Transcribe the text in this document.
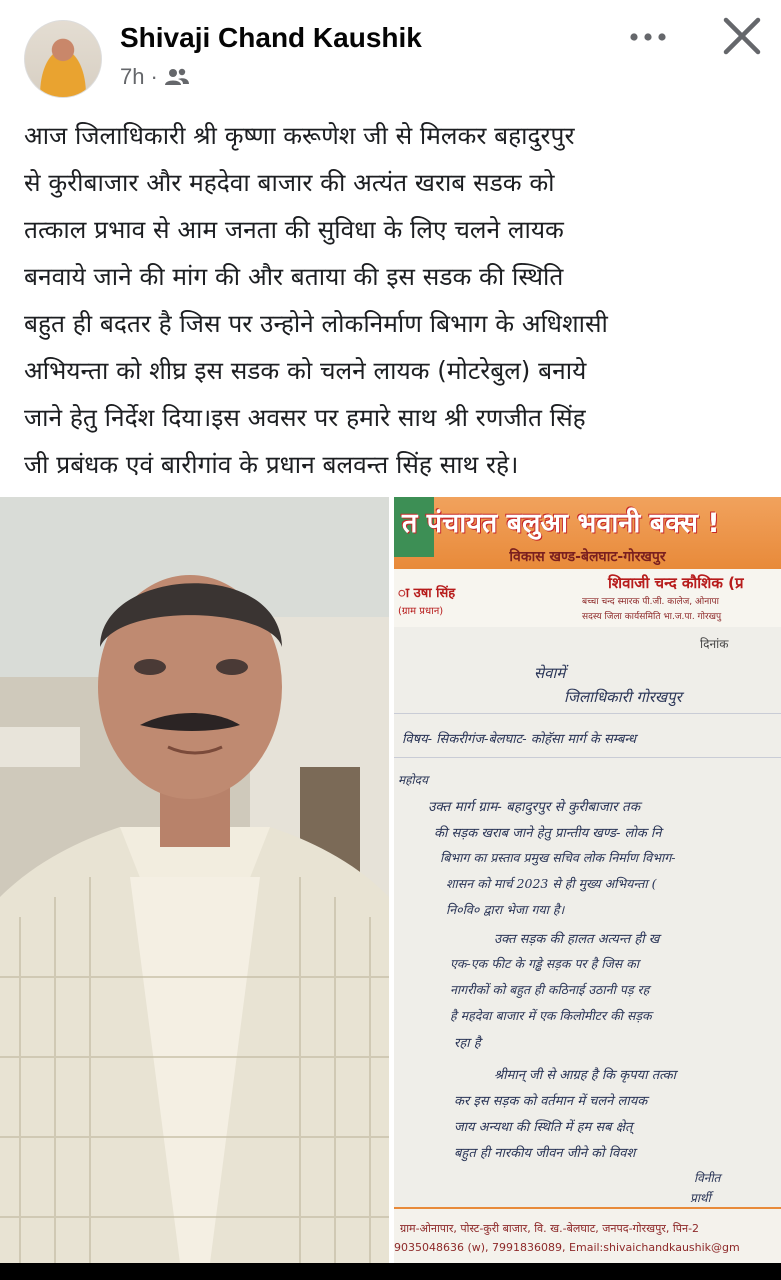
Shivaji Chand Kaushik
7h ·
आज जिलाधिकारी श्री कृष्णा करूणेश जी से मिलकर बहादुरपुर
से कुरीबाजार और महदेवा बाजार की अत्यंत खराब सडक को
तत्काल प्रभाव से आम जनता की सुविधा के लिए चलने लायक
बनवाये जाने की मांग की और बताया की इस सडक की स्थिति
बहुत ही बदतर है जिस पर उन्होने लोकनिर्माण बिभाग के अधिशासी
अभियन्ता को शीघ्र इस सडक को चलने लायक (मोटरेबुल) बनाये
जाने हेतु निर्देश दिया।इस अवसर पर हमारे साथ श्री रणजीत सिंह
जी प्रबंधक एवं बारीगांव के प्रधान बलवन्त सिंह साथ रहे।
त पंचायत बलुआ भवानी बक्स !
विकास खण्ड-बेलघाट-गोरखपुर
ा उषा सिंह
(ग्राम प्रधान)
शिवाजी चन्द कौशिक (प्र
बच्चा चन्द स्मारक पी.जी. कालेज, ओनापा
सदस्य जिला कार्यसमिति भा.ज.पा. गोरखपु
दिनांक
सेवामें
जिलाधिकारी गोरखपुर
विषय- सिकरीगंज-बेलघाट- कोहॅसा मार्ग के सम्बन्ध
महोदय
उक्त मार्ग ग्राम- बहादुरपुर से कुरीबाजार तक
की सड़क खराब जाने हेतु प्रान्तीय खण्ड- लोक नि
बिभाग का प्रस्ताव प्रमुख सचिव लोक निर्माण विभाग-
शासन को मार्च 2023 से ही मुख्य अभियन्ता (
नि०वि० द्वारा भेजा गया है।
उक्त सड़क की हालत अत्यन्त ही ख
एक-एक फीट के गड्ढे सड़क पर है जिस का
नागरीकों को बहुत ही कठिनाई उठानी पड़ रह
है महदेवा बाजार में एक किलोमीटर की सड़क
रहा है
श्रीमान् जी से आग्रह है कि कृपया तत्का
कर इस सड़क को वर्तमान में चलने लायक
जाय अन्यथा की स्थिति में हम सब क्षेत्
बहुत ही नारकीय जीवन जीने को विवश
विनीत
प्रार्थी
ग्राम-ओनापार, पोस्ट-कुरी बाजार, वि. ख.-बेलघाट, जनपद-गोरखपुर, पिन-2
9035048636 (w), 7991836089, Email:shivaichandkaushik@gm
